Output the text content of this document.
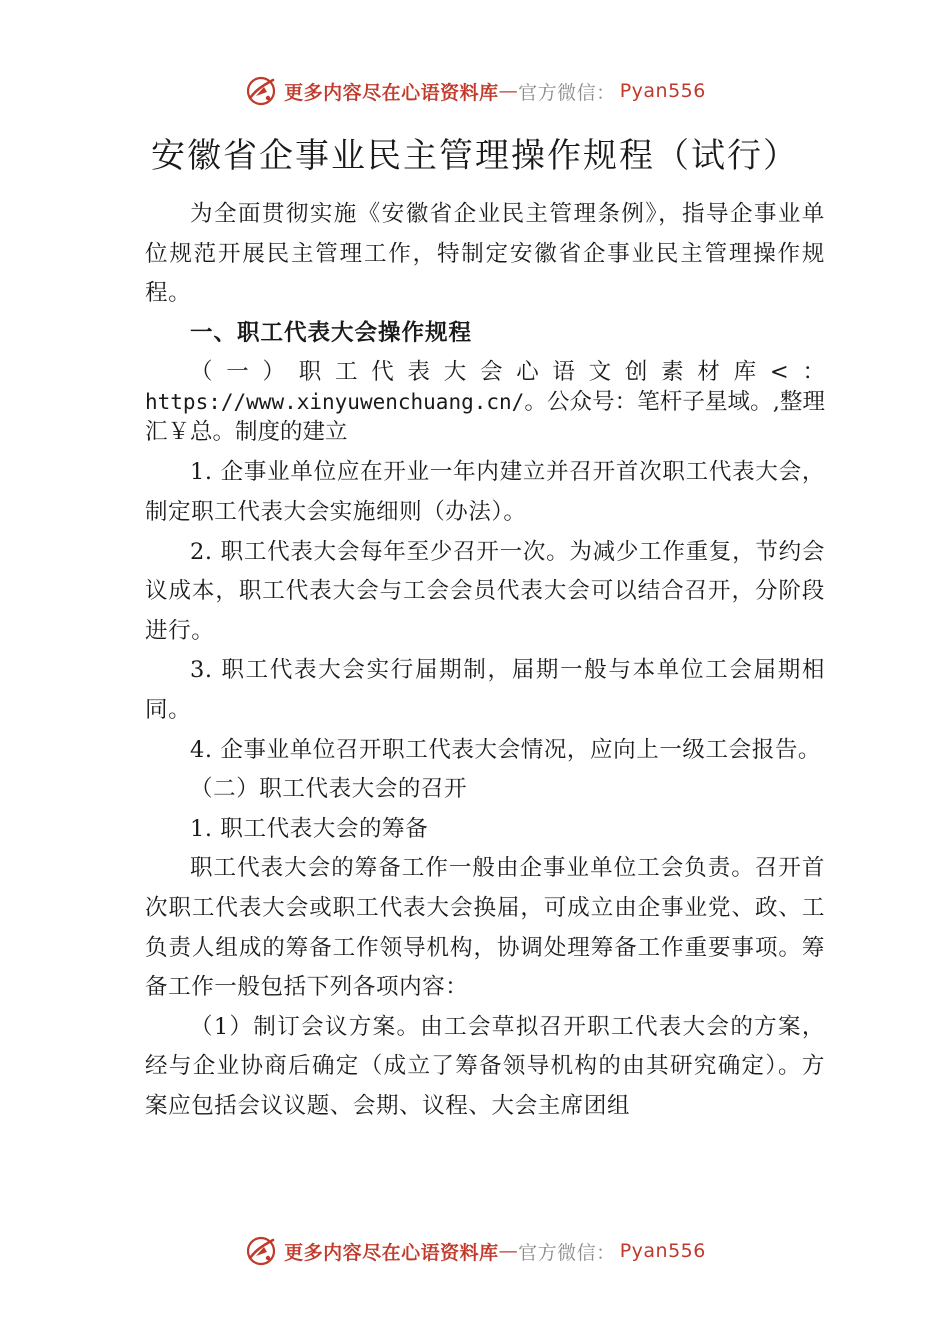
更多内容尽在心语资料库 — 官方微信： Pyan556
安徽省企事业民主管理操作规程（试行）

为全面贯彻实施《安徽省企业民主管理条例》，指导企事业单位规范开展民主管理工作，特制定安徽省企事业民主管理操作规程。

一、职工代表大会操作规程

（一）职工代表大会心语文创素材库<：https://www.xinyuwenchuang.cn/。公众号：笔杆子星域。,整理汇￥总。制度的建立

1. 企事业单位应在开业一年内建立并召开首次职工代表大会，制定职工代表大会实施细则（办法）。

2. 职工代表大会每年至少召开一次。为减少工作重复，节约会议成本，职工代表大会与工会会员代表大会可以结合召开，分阶段进行。

3. 职工代表大会实行届期制，届期一般与本单位工会届期相同。

4. 企事业单位召开职工代表大会情况，应向上一级工会报告。

（二）职工代表大会的召开

1. 职工代表大会的筹备

职工代表大会的筹备工作一般由企事业单位工会负责。召开首次职工代表大会或职工代表大会换届，可成立由企事业党、政、工负责人组成的筹备工作领导机构，协调处理筹备工作重要事项。筹备工作一般包括下列各项内容：

（1）制订会议方案。由工会草拟召开职工代表大会的方案，经与企业协商后确定（成立了筹备领导机构的由其研究确定）。方案应包括会议议题、会期、议程、大会主席团组

更多内容尽在心语资料库 — 官方微信： Pyan556
